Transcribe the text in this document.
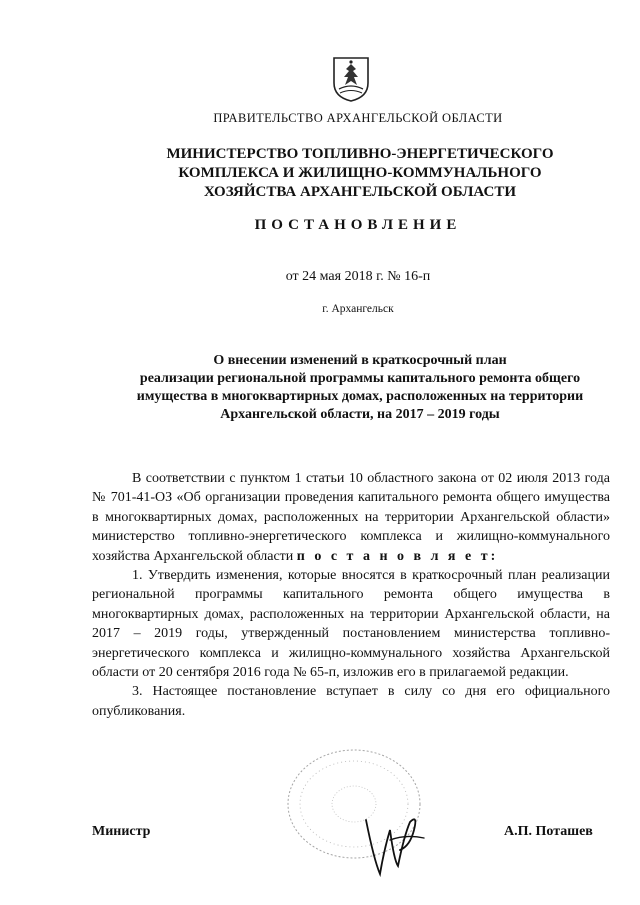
ПРАВИТЕЛЬСТВО АРХАНГЕЛЬСКОЙ ОБЛАСТИ
МИНИСТЕРСТВО ТОПЛИВНО-ЭНЕРГЕТИЧЕСКОГО
КОМПЛЕКСА И ЖИЛИЩНО-КОММУНАЛЬНОГО
ХОЗЯЙСТВА АРХАНГЕЛЬСКОЙ ОБЛАСТИ
ПОСТАНОВЛЕНИЕ
от 24 мая 2018 г. № 16-п
г. Архангельск
О внесении изменений в краткосрочный план
реализации региональной программы капитального ремонта общего
имущества в многоквартирных домах, расположенных на территории
Архангельской области, на 2017 – 2019 годы

В соответствии с пунктом 1 статьи 10 областного закона от 02 июля 2013 года № 701-41-ОЗ «Об организации проведения капитального ремонта общего имущества в многоквартирных домах, расположенных на территории Архангельской области» министерство топливно-энергетического комплекса и жилищно-коммунального хозяйства Архангельской области п о с т а н о в л я е т:

1. Утвердить изменения, которые вносятся в краткосрочный план реализации региональной программы капитального ремонта общего имущества в многоквартирных домах, расположенных на территории Архангельской области, на 2017 – 2019 годы, утвержденный постановлением министерства топливно-энергетического комплекса и жилищно-коммунального хозяйства Архангельской области от 20 сентября 2016 года № 65-п, изложив его в прилагаемой редакции.

3. Настоящее постановление вступает в силу со дня его официального опубликования.

Министр	А.П. Поташев
